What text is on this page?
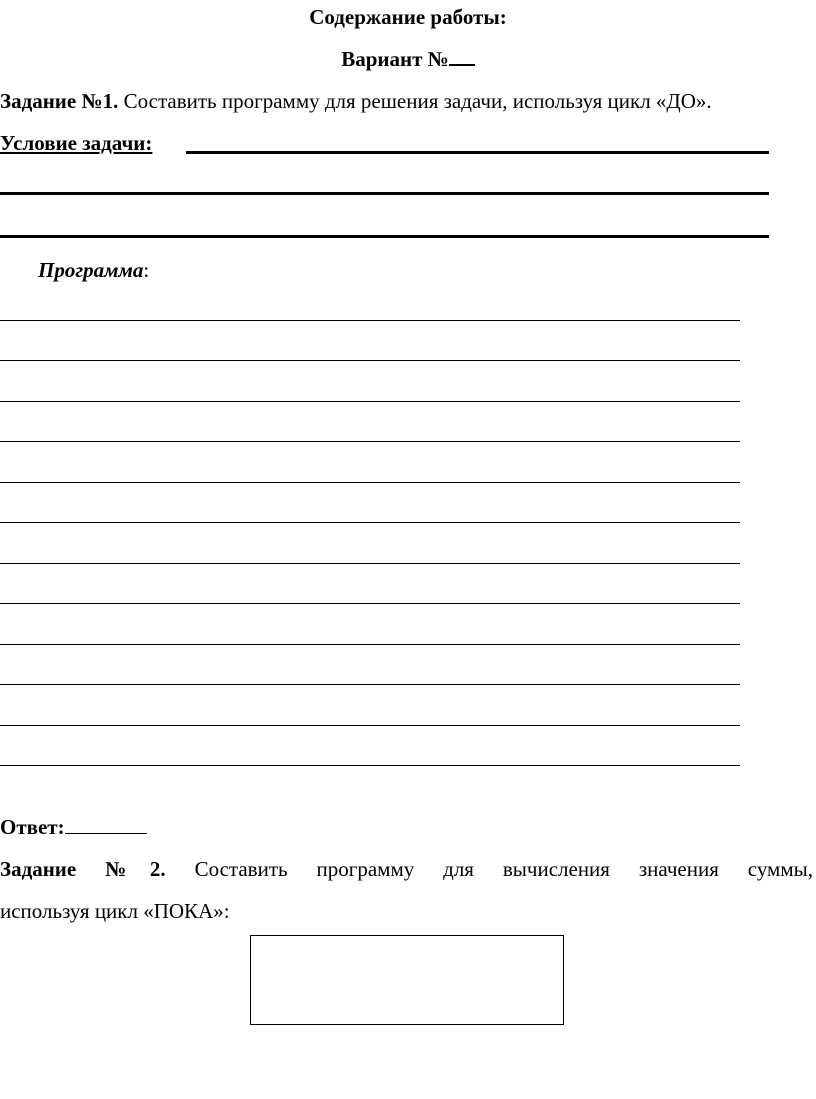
Содержание работы:
Вариант №
Задание №1. Составить программу для решения задачи, используя цикл «ДО».
Условие задачи:
Программа:
Ответ:
Задание №2. Составить программу для вычисления значения суммы,
используя цикл «ПОКА»:
